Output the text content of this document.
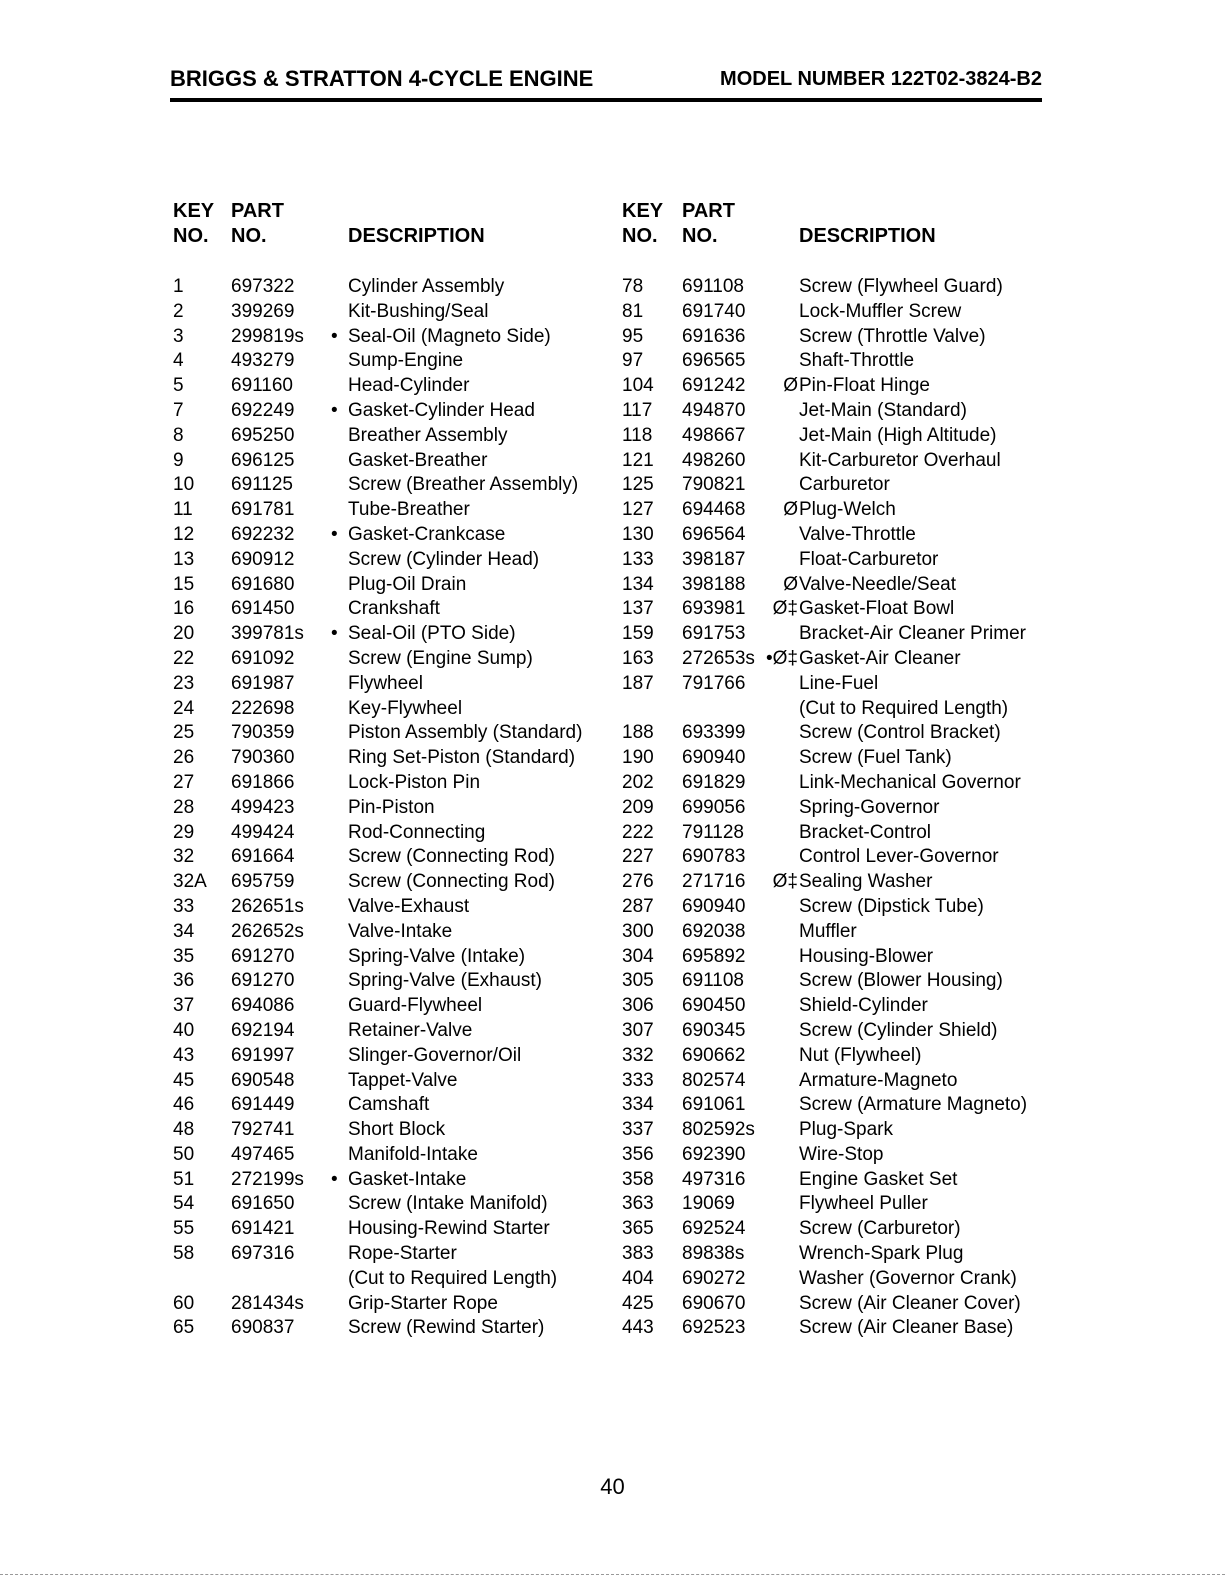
BRIGGS & STRATTON 4-CYCLE ENGINE	MODEL NUMBER 122T02-3824-B2
KEY
NO.
PART
NO.	DESCRIPTION
1 697322	Cylinder Assembly
2 399269	Kit-Bushing/Seal
3 299819s • Seal-Oil (Magneto Side)
4 493279	Sump-Engine
5 691160	Head-Cylinder
7 692249 • Gasket-Cylinder Head
8 695250	Breather Assembly
9 696125	Gasket-Breather
10 691125	Screw (Breather Assembly)
11 691781	Tube-Breather
12 692232 • Gasket-Crankcase
13 690912	Screw (Cylinder Head)
15 691680	Plug-Oil Drain
16 691450	Crankshaft
20 399781s • Seal-Oil (PTO Side)
22 691092	Screw (Engine Sump)
23 691987	Flywheel
24 222698	Key-Flywheel
25 790359	Piston Assembly (Standard)
26 790360	Ring Set-Piston (Standard)
27 691866	Lock-Piston Pin
28 499423	Pin-Piston
29 499424	Rod-Connecting
32 691664	Screw (Connecting Rod)
32A 695759	Screw (Connecting Rod)
33 262651s Valve-Exhaust
34 262652s Valve-Intake
35 691270	Spring-Valve (Intake)
36 691270	Spring-Valve (Exhaust)
37 694086	Guard-Flywheel
40 692194	Retainer-Valve
43 691997	Slinger-Governor/Oil
45 690548	Tappet-Valve
46 691449	Camshaft
48 792741	Short Block
50 497465	Manifold-Intake
51 272199s • Gasket-Intake
54 691650	Screw (Intake Manifold)
55 691421	Housing-Rewind Starter
58 697316	Rope-Starter
(Cut to Required Length)
60 281434s Grip-Starter Rope
65 690837	Screw (Rewind Starter)
KEY
NO.
PART
NO.	DESCRIPTION
78 691108	Screw (Flywheel Guard)
81 691740	Lock-Muffler Screw
95 691636	Screw (Throttle Valve)
97 696565	Shaft-Throttle
104 691242	Ø Pin-Float Hinge
117 494870	Jet-Main (Standard)
118 498667	Jet-Main (High Altitude)
121 498260	Kit-Carburetor Overhaul
125 790821	Carburetor
127 694468	Ø Plug-Welch
130 696564	Valve-Throttle
133 398187	Float-Carburetor
134 398188	Ø Valve-Needle/Seat
137 693981	Ø‡ Gasket-Float Bowl
159 691753	Bracket-Air Cleaner Primer
163 272653s •Ø‡ Gasket-Air Cleaner
187 791766	Line-Fuel
(Cut to Required Length)
188 693399	Screw (Control Bracket)
190 690940	Screw (Fuel Tank)
202 691829	Link-Mechanical Governor
209 699056	Spring-Governor
222 791128	Bracket-Control
227 690783	Control Lever-Governor
276 271716	Ø‡ Sealing Washer
287 690940	Screw (Dipstick Tube)
300 692038	Muffler
304 695892	Housing-Blower
305 691108	Screw (Blower Housing)
306 690450	Shield-Cylinder
307 690345	Screw (Cylinder Shield)
332 690662	Nut (Flywheel)
333 802574	Armature-Magneto
334 691061	Screw (Armature Magneto)
337 802592s Plug-Spark
356 692390	Wire-Stop
358 497316	Engine Gasket Set
363 19069	Flywheel Puller
365 692524	Screw (Carburetor)
383 89838s	Wrench-Spark Plug
404 690272	Washer (Governor Crank)
425 690670	Screw (Air Cleaner Cover)
443 692523	Screw (Air Cleaner Base)
40
